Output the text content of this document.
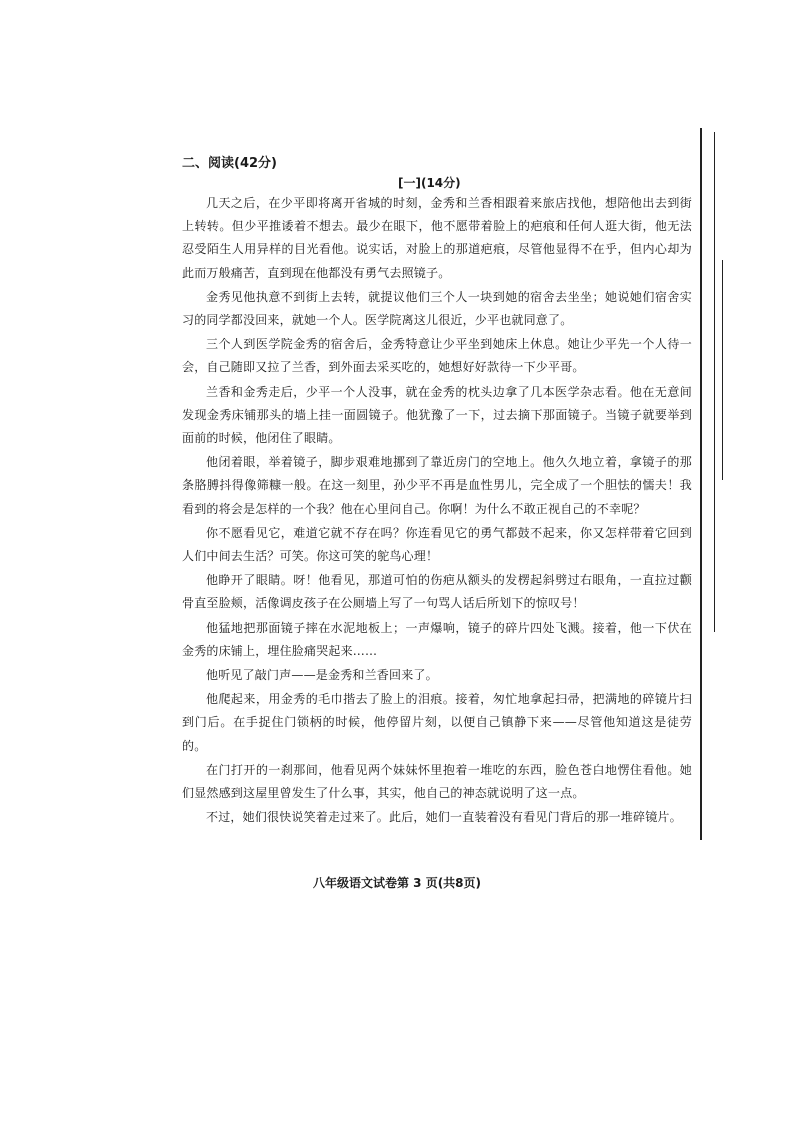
二、阅读(42分)
[一](14分)

几天之后，在少平即将离开省城的时刻，金秀和兰香相跟着来旅店找他，想陪他出去到街上转转。但少平推诿着不想去。最少在眼下，他不愿带着脸上的疤痕和任何人逛大街，他无法忍受陌生人用异样的目光看他。说实话，对脸上的那道疤痕，尽管他显得不在乎，但内心却为此而万般痛苦，直到现在他都没有勇气去照镜子。

金秀见他执意不到街上去转，就提议他们三个人一块到她的宿舍去坐坐；她说她们宿舍实习的同学都没回来，就她一个人。医学院离这儿很近，少平也就同意了。

三个人到医学院金秀的宿舍后，金秀特意让少平坐到她床上休息。她让少平先一个人待一会，自己随即又拉了兰香，到外面去采买吃的，她想好好款待一下少平哥。

兰香和金秀走后，少平一个人没事，就在金秀的枕头边拿了几本医学杂志看。他在无意间发现金秀床铺那头的墙上挂一面圆镜子。他犹豫了一下，过去摘下那面镜子。当镜子就要举到面前的时候，他闭住了眼睛。

他闭着眼，举着镜子，脚步艰难地挪到了靠近房门的空地上。他久久地立着，拿镜子的那条胳膊抖得像筛糠一般。在这一刻里，孙少平不再是血性男儿，完全成了一个胆怯的懦夫！我看到的将会是怎样的一个我？他在心里问自己。你啊！为什么不敢正视自己的不幸呢？

你不愿看见它，难道它就不存在吗？你连看见它的勇气都鼓不起来，你又怎样带着它回到人们中间去生活？可笑。你这可笑的鸵鸟心理！

他睁开了眼睛。呀！他看见，那道可怕的伤疤从额头的发楞起斜劈过右眼角，一直拉过颧骨直至脸颊，活像调皮孩子在公厕墙上写了一句骂人话后所划下的惊叹号！

他猛地把那面镜子摔在水泥地板上；一声爆响，镜子的碎片四处飞溅。接着，他一下伏在金秀的床铺上，埋住脸痛哭起来……

他听见了敲门声——是金秀和兰香回来了。

他爬起来，用金秀的毛巾揩去了脸上的泪痕。接着，匆忙地拿起扫帚，把满地的碎镜片扫到门后。在手捉住门锁柄的时候，他停留片刻，以便自己镇静下来——尽管他知道这是徒劳的。

在门打开的一刹那间，他看见两个妹妹怀里抱着一堆吃的东西，脸色苍白地愣住看他。她们显然感到这屋里曾发生了什么事，其实，他自己的神态就说明了这一点。

不过，她们很快说笑着走过来了。此后，她们一直装着没有看见门背后的那一堆碎镜片。

八年级语文试卷第 3 页(共8页)
